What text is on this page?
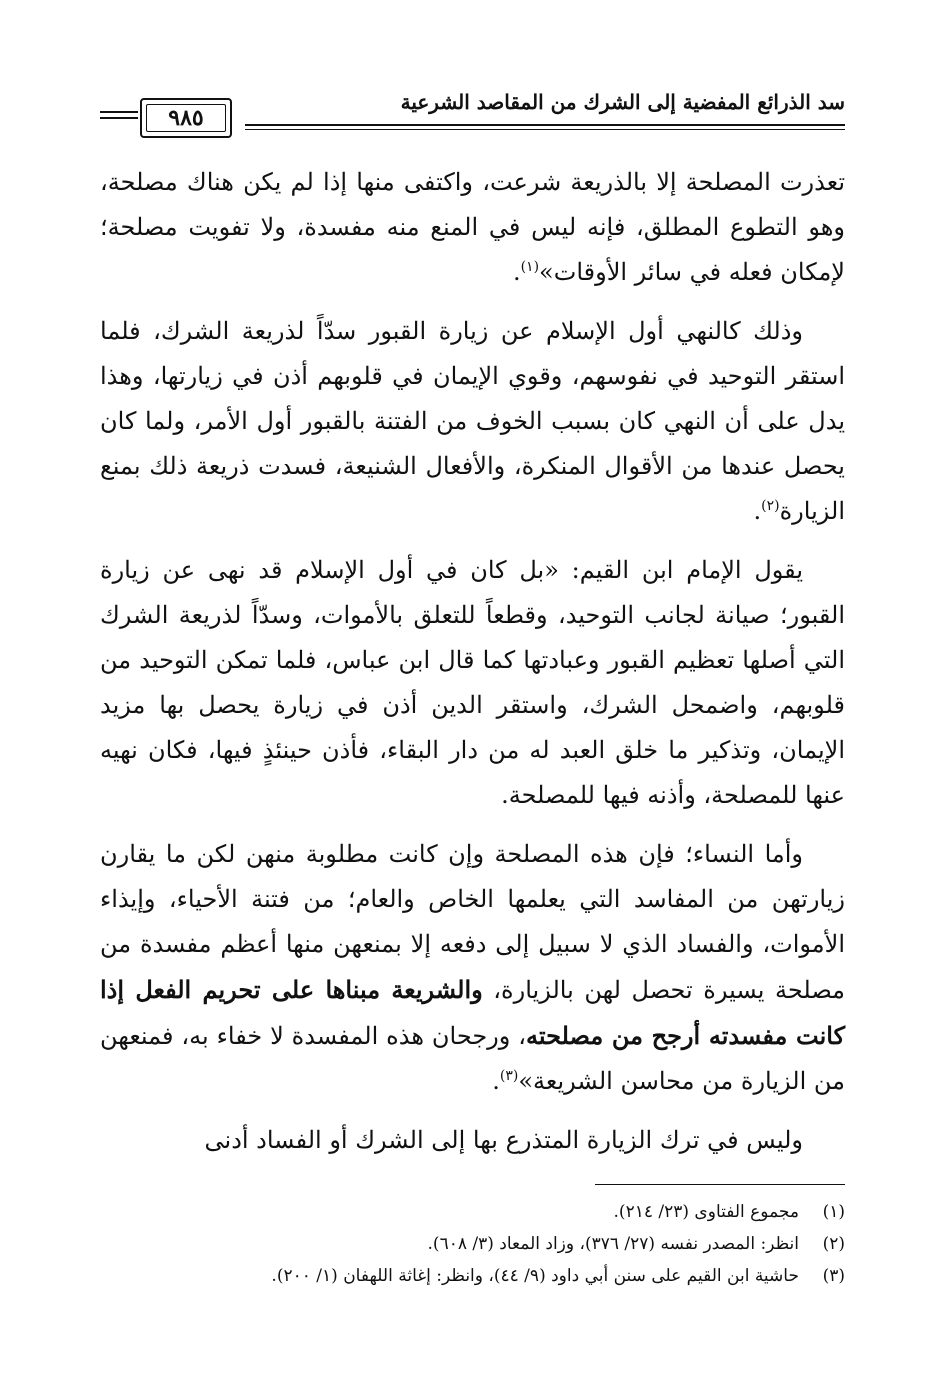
سد الذرائع المفضية إلى الشرك من المقاصد الشرعية
٩٨٥

تعذرت المصلحة إلا بالذريعة شرعت، واكتفى منها إذا لم يكن هناك مصلحة، وهو التطوع المطلق، فإنه ليس في المنع منه مفسدة، ولا تفويت مصلحة؛ لإمكان فعله في سائر الأوقات»$^{(١)}$.

وذلك كالنهي أول الإسلام عن زيارة القبور سدّاً لذريعة الشرك، فلما استقر التوحيد في نفوسهم، وقوي الإيمان في قلوبهم أذن في زيارتها، وهذا يدل على أن النهي كان بسبب الخوف من الفتنة بالقبور أول الأمر، ولما كان يحصل عندها من الأقوال المنكرة، والأفعال الشنيعة، فسدت ذريعة ذلك بمنع الزيارة$^{(٢)}$.

يقول الإمام ابن القيم: «بل كان في أول الإسلام قد نهى عن زيارة القبور؛ صيانة لجانب التوحيد، وقطعاً للتعلق بالأموات، وسدّاً لذريعة الشرك التي أصلها تعظيم القبور وعبادتها كما قال ابن عباس، فلما تمكن التوحيد من قلوبهم، واضمحل الشرك، واستقر الدين أذن في زيارة يحصل بها مزيد الإيمان، وتذكير ما خلق العبد له من دار البقاء، فأذن حينئذٍ فيها، فكان نهيه عنها للمصلحة، وأذنه فيها للمصلحة.

وأما النساء؛ فإن هذه المصلحة وإن كانت مطلوبة منهن لكن ما يقارن زيارتهن من المفاسد التي يعلمها الخاص والعام؛ من فتنة الأحياء، وإيذاء الأموات، والفساد الذي لا سبيل إلى دفعه إلا بمنعهن منها أعظم مفسدة من مصلحة يسيرة تحصل لهن بالزيارة، والشريعة مبناها على تحريم الفعل إذا كانت مفسدته أرجح من مصلحته، ورجحان هذه المفسدة لا خفاء به، فمنعهن من الزيارة من محاسن الشريعة»$^{(٣)}$.

وليس في ترك الزيارة المتذرع بها إلى الشرك أو الفساد أدنى

(١)مجموع الفتاوى (٢٣/ ٢١٤).

(٢)انظر: المصدر نفسه (٢٧/ ٣٧٦)، وزاد المعاد (٣/ ٦٠٨).

(٣)حاشية ابن القيم على سنن أبي داود (٩/ ٤٤)، وانظر: إغاثة اللهفان (١/ ٢٠٠).
